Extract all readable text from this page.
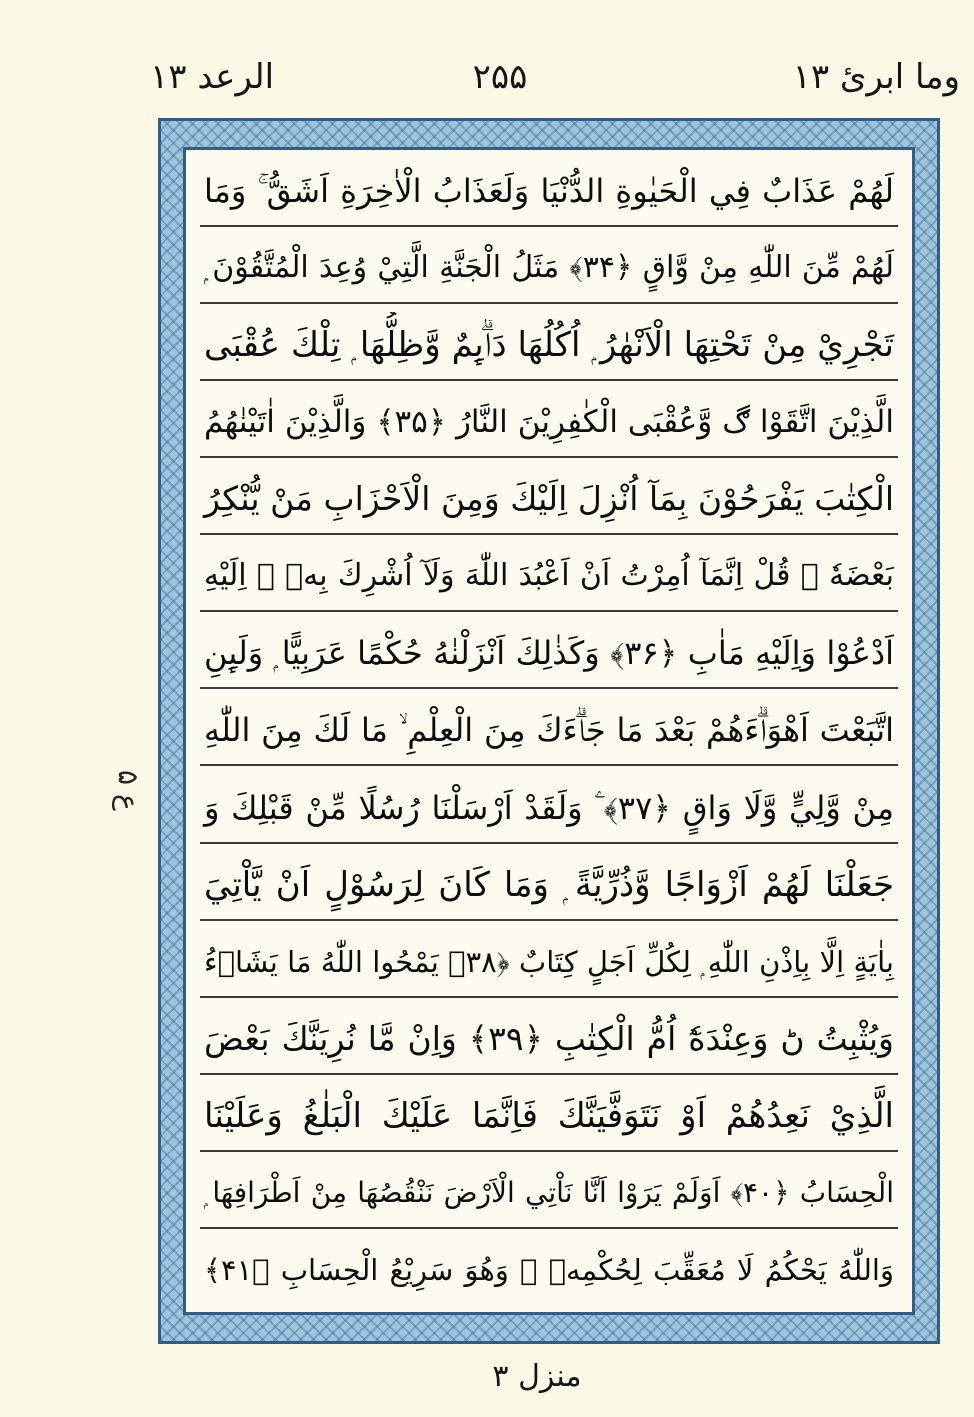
وما ابرئ ۱۳
۲۵۵
الرعد ۱۳
ع ۵
لَهُمْ عَذَابٌ فِي الْحَيٰوةِ الدُّنْيَا وَلَعَذَابُ الْاٰخِرَةِ اَشَقُّ ۚ وَمَا
لَهُمْ مِّنَ اللّٰهِ مِنْ وَّاقٍ ﴿۳۴﴾ مَثَلُ الْجَنَّةِ الَّتِيْ وُعِدَ الْمُتَّقُوْنَ ۭ
تَجْرِيْ مِنْ تَحْتِهَا الْاَنْهٰرُ ۭ اُكُلُهَا دَاۗىِٕمٌ وَّظِلُّهَا ۭ تِلْكَ عُقْبَى
الَّذِيْنَ اتَّقَوْا ڰ وَّعُقْبَى الْكٰفِرِيْنَ النَّارُ ﴿۳۵﴾ وَالَّذِيْنَ اٰتَيْنٰهُمُ
الْكِتٰبَ يَفْرَحُوْنَ بِمَآ اُنْزِلَ اِلَيْكَ وَمِنَ الْاَحْزَابِ مَنْ يُّنْكِرُ
بَعْضَهٗ ۭ قُلْ اِنَّمَآ اُمِرْتُ اَنْ اَعْبُدَ اللّٰهَ وَلَآ اُشْرِكَ بِهٖ ۭ اِلَيْهِ
اَدْعُوْا وَاِلَيْهِ مَاٰبِ ﴿۳۶﴾ وَكَذٰلِكَ اَنْزَلْنٰهُ حُكْمًا عَرَبِيًّا ۭ وَلَىِٕنِ
اتَّبَعْتَ اَهْوَاۗءَهُمْ بَعْدَ مَا جَاۗءَكَ مِنَ الْعِلْمِ ۙ مَا لَكَ مِنَ اللّٰهِ
مِنْ وَّلِيٍّ وَّلَا وَاقٍ ﴿۳۷﴾ ۧ وَلَقَدْ اَرْسَلْنَا رُسُلًا مِّنْ قَبْلِكَ وَ
جَعَلْنَا لَهُمْ اَزْوَاجًا وَّذُرِّيَّةً ۭ وَمَا كَانَ لِرَسُوْلٍ اَنْ يَّاْتِيَ
بِاٰيَةٍ اِلَّا بِاِذْنِ اللّٰهِ ۭ لِكُلِّ اَجَلٍ كِتَابٌ ﴿۳۸﴾ يَمْحُوا اللّٰهُ مَا يَشَاۗءُ
وَيُثْبِتُ ڻ وَعِنْدَهٗٓ اُمُّ الْكِتٰبِ ﴿۳۹﴾ وَاِنْ مَّا نُرِيَنَّكَ بَعْضَ
الَّذِيْ نَعِدُهُمْ اَوْ نَتَوَفَّيَنَّكَ فَاِنَّمَا عَلَيْكَ الْبَلٰغُ وَعَلَيْنَا
الْحِسَابُ ﴿۴۰﴾ اَوَلَمْ يَرَوْا اَنَّا نَاْتِي الْاَرْضَ نَنْقُصُهَا مِنْ اَطْرَافِهَا ۭ
وَاللّٰهُ يَحْكُمُ لَا مُعَقِّبَ لِحُكْمِهٖ ۭ وَهُوَ سَرِيْعُ الْحِسَابِ ﴿۴۱﴾
منزل ۳
